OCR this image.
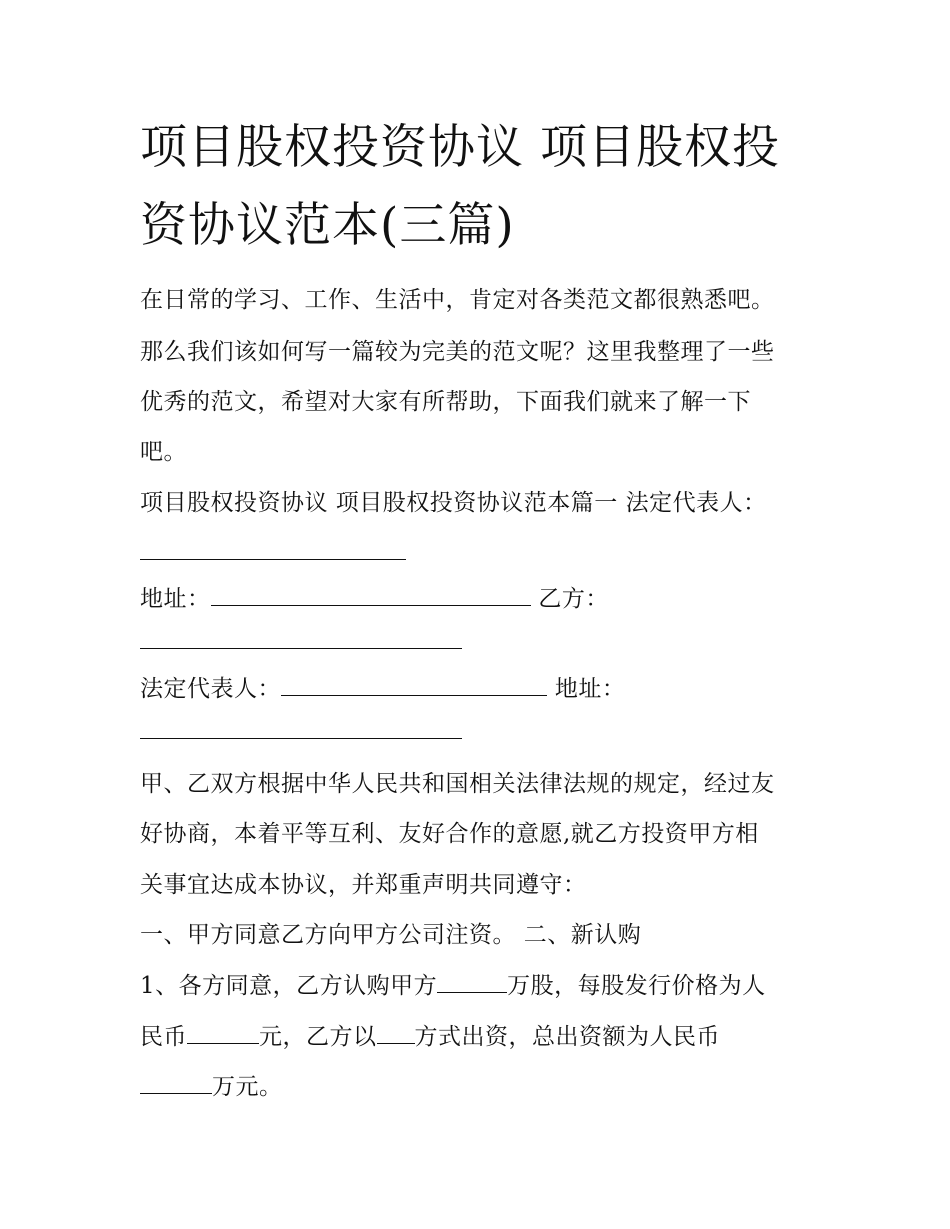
项目股权投资协议 项目股权投
资协议范本(三篇)
在日常的学习、工作、生活中，肯定对各类范文都很熟悉吧。
那么我们该如何写一篇较为完美的范文呢？这里我整理了一些
优秀的范文，希望对大家有所帮助，下面我们就来了解一下
吧。
项目股权投资协议 项目股权投资协议范本篇一 法定代表人：
地址：	乙方：
法定代表人：	地址：
甲、乙双方根据中华人民共和国相关法律法规的规定，经过友
好协商，本着平等互利、友好合作的意愿,就乙方投资甲方相
关事宜达成本协议，并郑重声明共同遵守：
一、甲方同意乙方向甲方公司注资。 二、新认购
1、各方同意，乙方认购甲方	万股，每股发行价格为人
民币	元，乙方以 方式出资，总出资额为人民币
万元。
